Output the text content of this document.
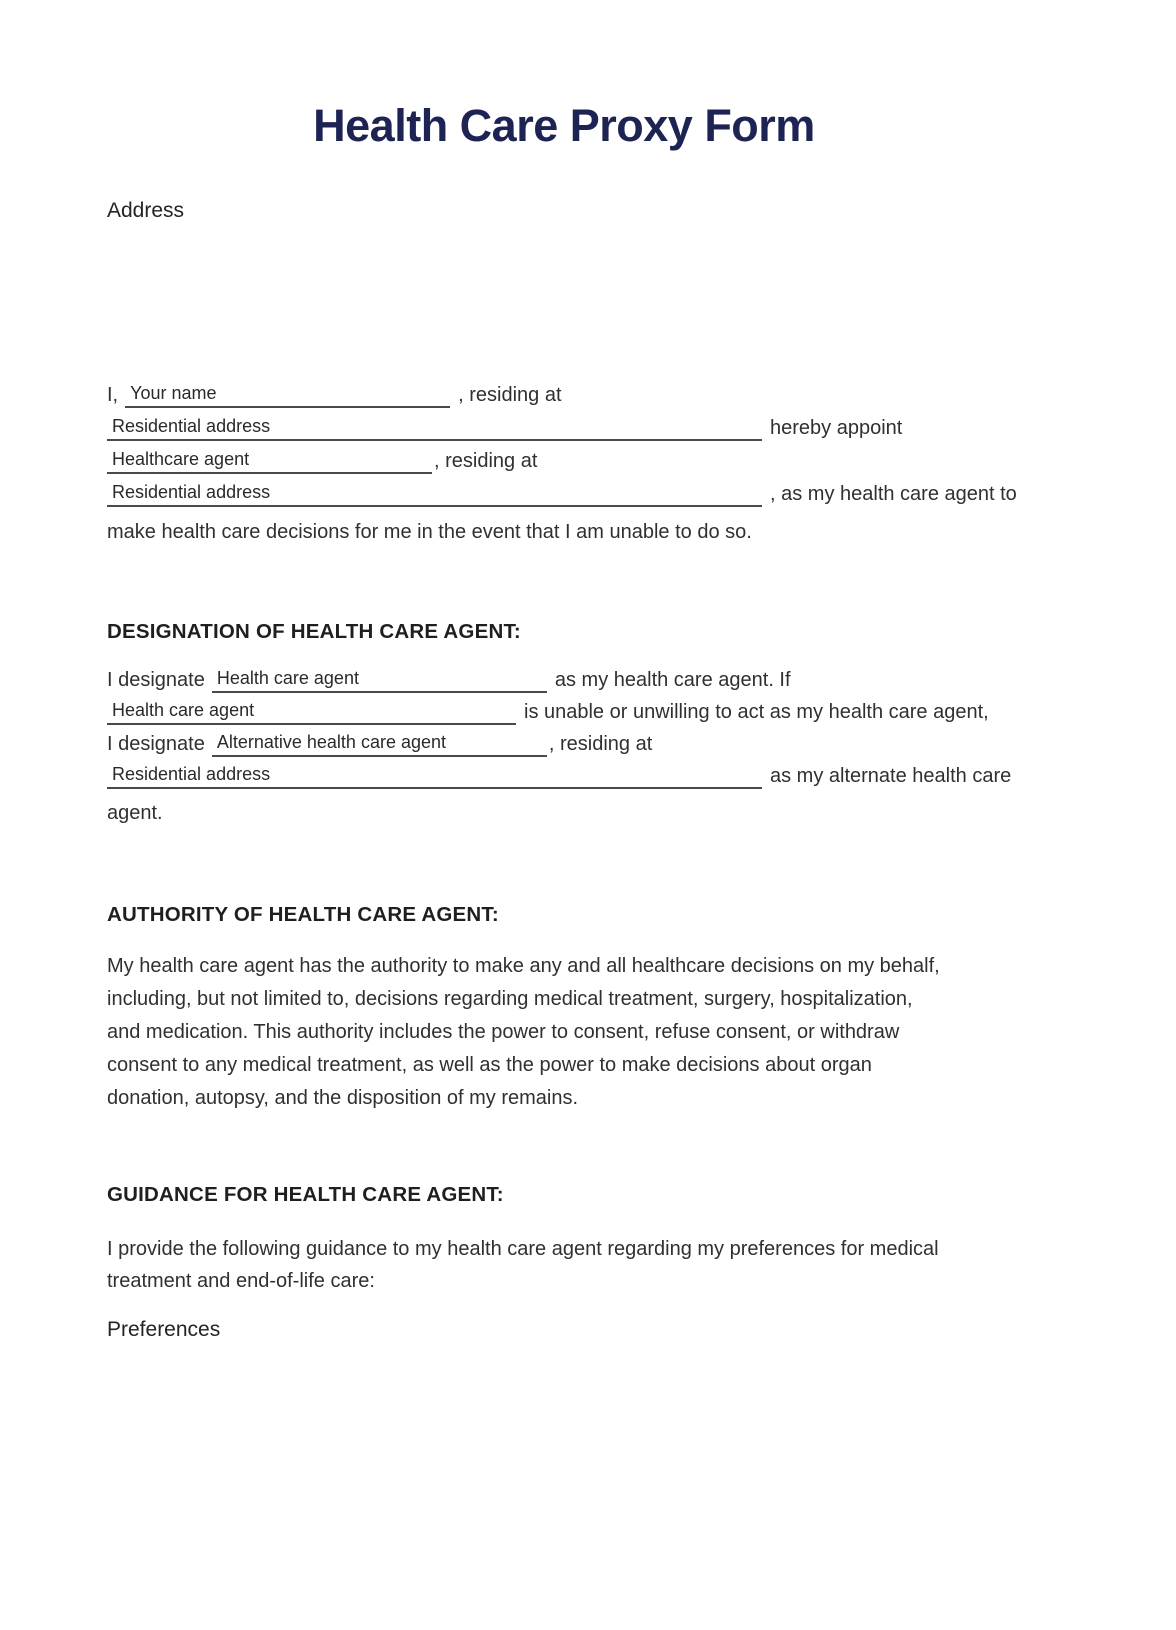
Health Care Proxy Form
Address
I, Your name	, residing at
Residential address	hereby appoint
Healthcare agent	, residing at
Residential address	, as my health care agent to
make health care decisions for me in the event that I am unable to do so.
DESIGNATION OF HEALTH CARE AGENT:
I designate Health care agent	as my health care agent. If
Health care agent	is unable or unwilling to act as my health care agent,
I designate Alternative health care agent	, residing at
Residential address	as my alternate health care
agent.
AUTHORITY OF HEALTH CARE AGENT:
My health care agent has the authority to make any and all healthcare decisions on my behalf,
including, but not limited to, decisions regarding medical treatment, surgery, hospitalization,
and medication. This authority includes the power to consent, refuse consent, or withdraw
consent to any medical treatment, as well as the power to make decisions about organ
donation, autopsy, and the disposition of my remains.
GUIDANCE FOR HEALTH CARE AGENT:
I provide the following guidance to my health care agent regarding my preferences for medical
treatment and end-of-life care:
Preferences
